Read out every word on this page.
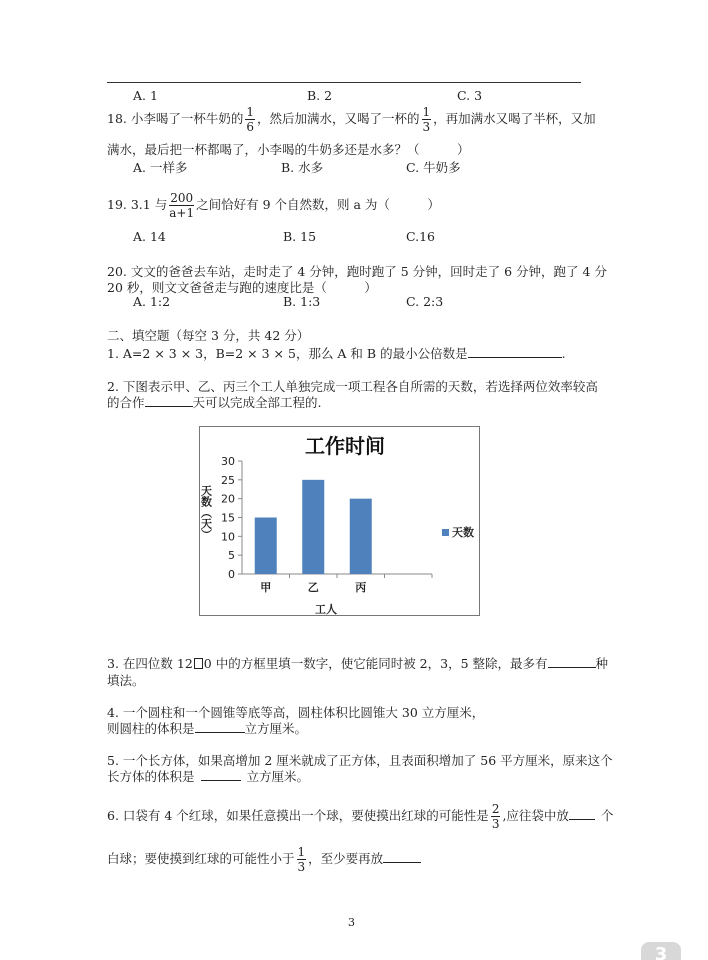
A. 1	B. 2	C. 3
18. 小李喝了一杯牛奶的 $\frac{1}{6}$ ，然后加满水，又喝了一杯的 $\frac{1}{3}$ ，再加满水又喝了半杯，又加
满水，最后把一杯都喝了，小李喝的牛奶多还是水多？（　　　）
A. 一样多	B. 水多	C. 牛奶多
19. 3.1 与 $\frac{200}{a+1}$ 之间恰好有 9 个自然数，则 a 为（　　　）
A. 14	B. 15	C.16
20. 文文的爸爸去车站，走时走了 4 分钟，跑时跑了 5 分钟，回时走了 6 分钟，跑了 4 分
20 秒，则文文爸爸走与跑的速度比是（　　　）
A. 1:2	B. 1:3	C. 2:3
二、填空题（每空 3 分，共 42 分）
1. A=2 × 3 × 3，B=2 × 3 × 5，那么 A 和 B 的最小公倍数是	.
2. 下图表示甲、乙、丙三个工人单独完成一项工程各自所需的天数，若选择两位效率较高
的合作	天可以完成全部工程的.
工作时间
0
5
10
15
20
25
30
天数（天）
甲	乙	丙
工人
天数
3. 在四位数 12 0 中的方框里填一数字，使它能同时被 2，3，5 整除，最多有	种
填法。
4. 一个圆柱和一个圆锥等底等高，圆柱体积比圆锥大 30 立方厘米，
则圆柱的体积是	立方厘米。
5. 一个长方体，如果高增加 2 厘米就成了正方体，且表面积增加了 56 平方厘米，原来这个
长方体的体积是	立方厘米。
6. 口袋有 4 个红球，如果任意摸出一个球，要使摸出红球的可能性是 $\frac{2}{3}$ ,应往袋中放	个
白球；要使摸到红球的可能性小于 $\frac{1}{3}$ ，至少要再放
3
3
